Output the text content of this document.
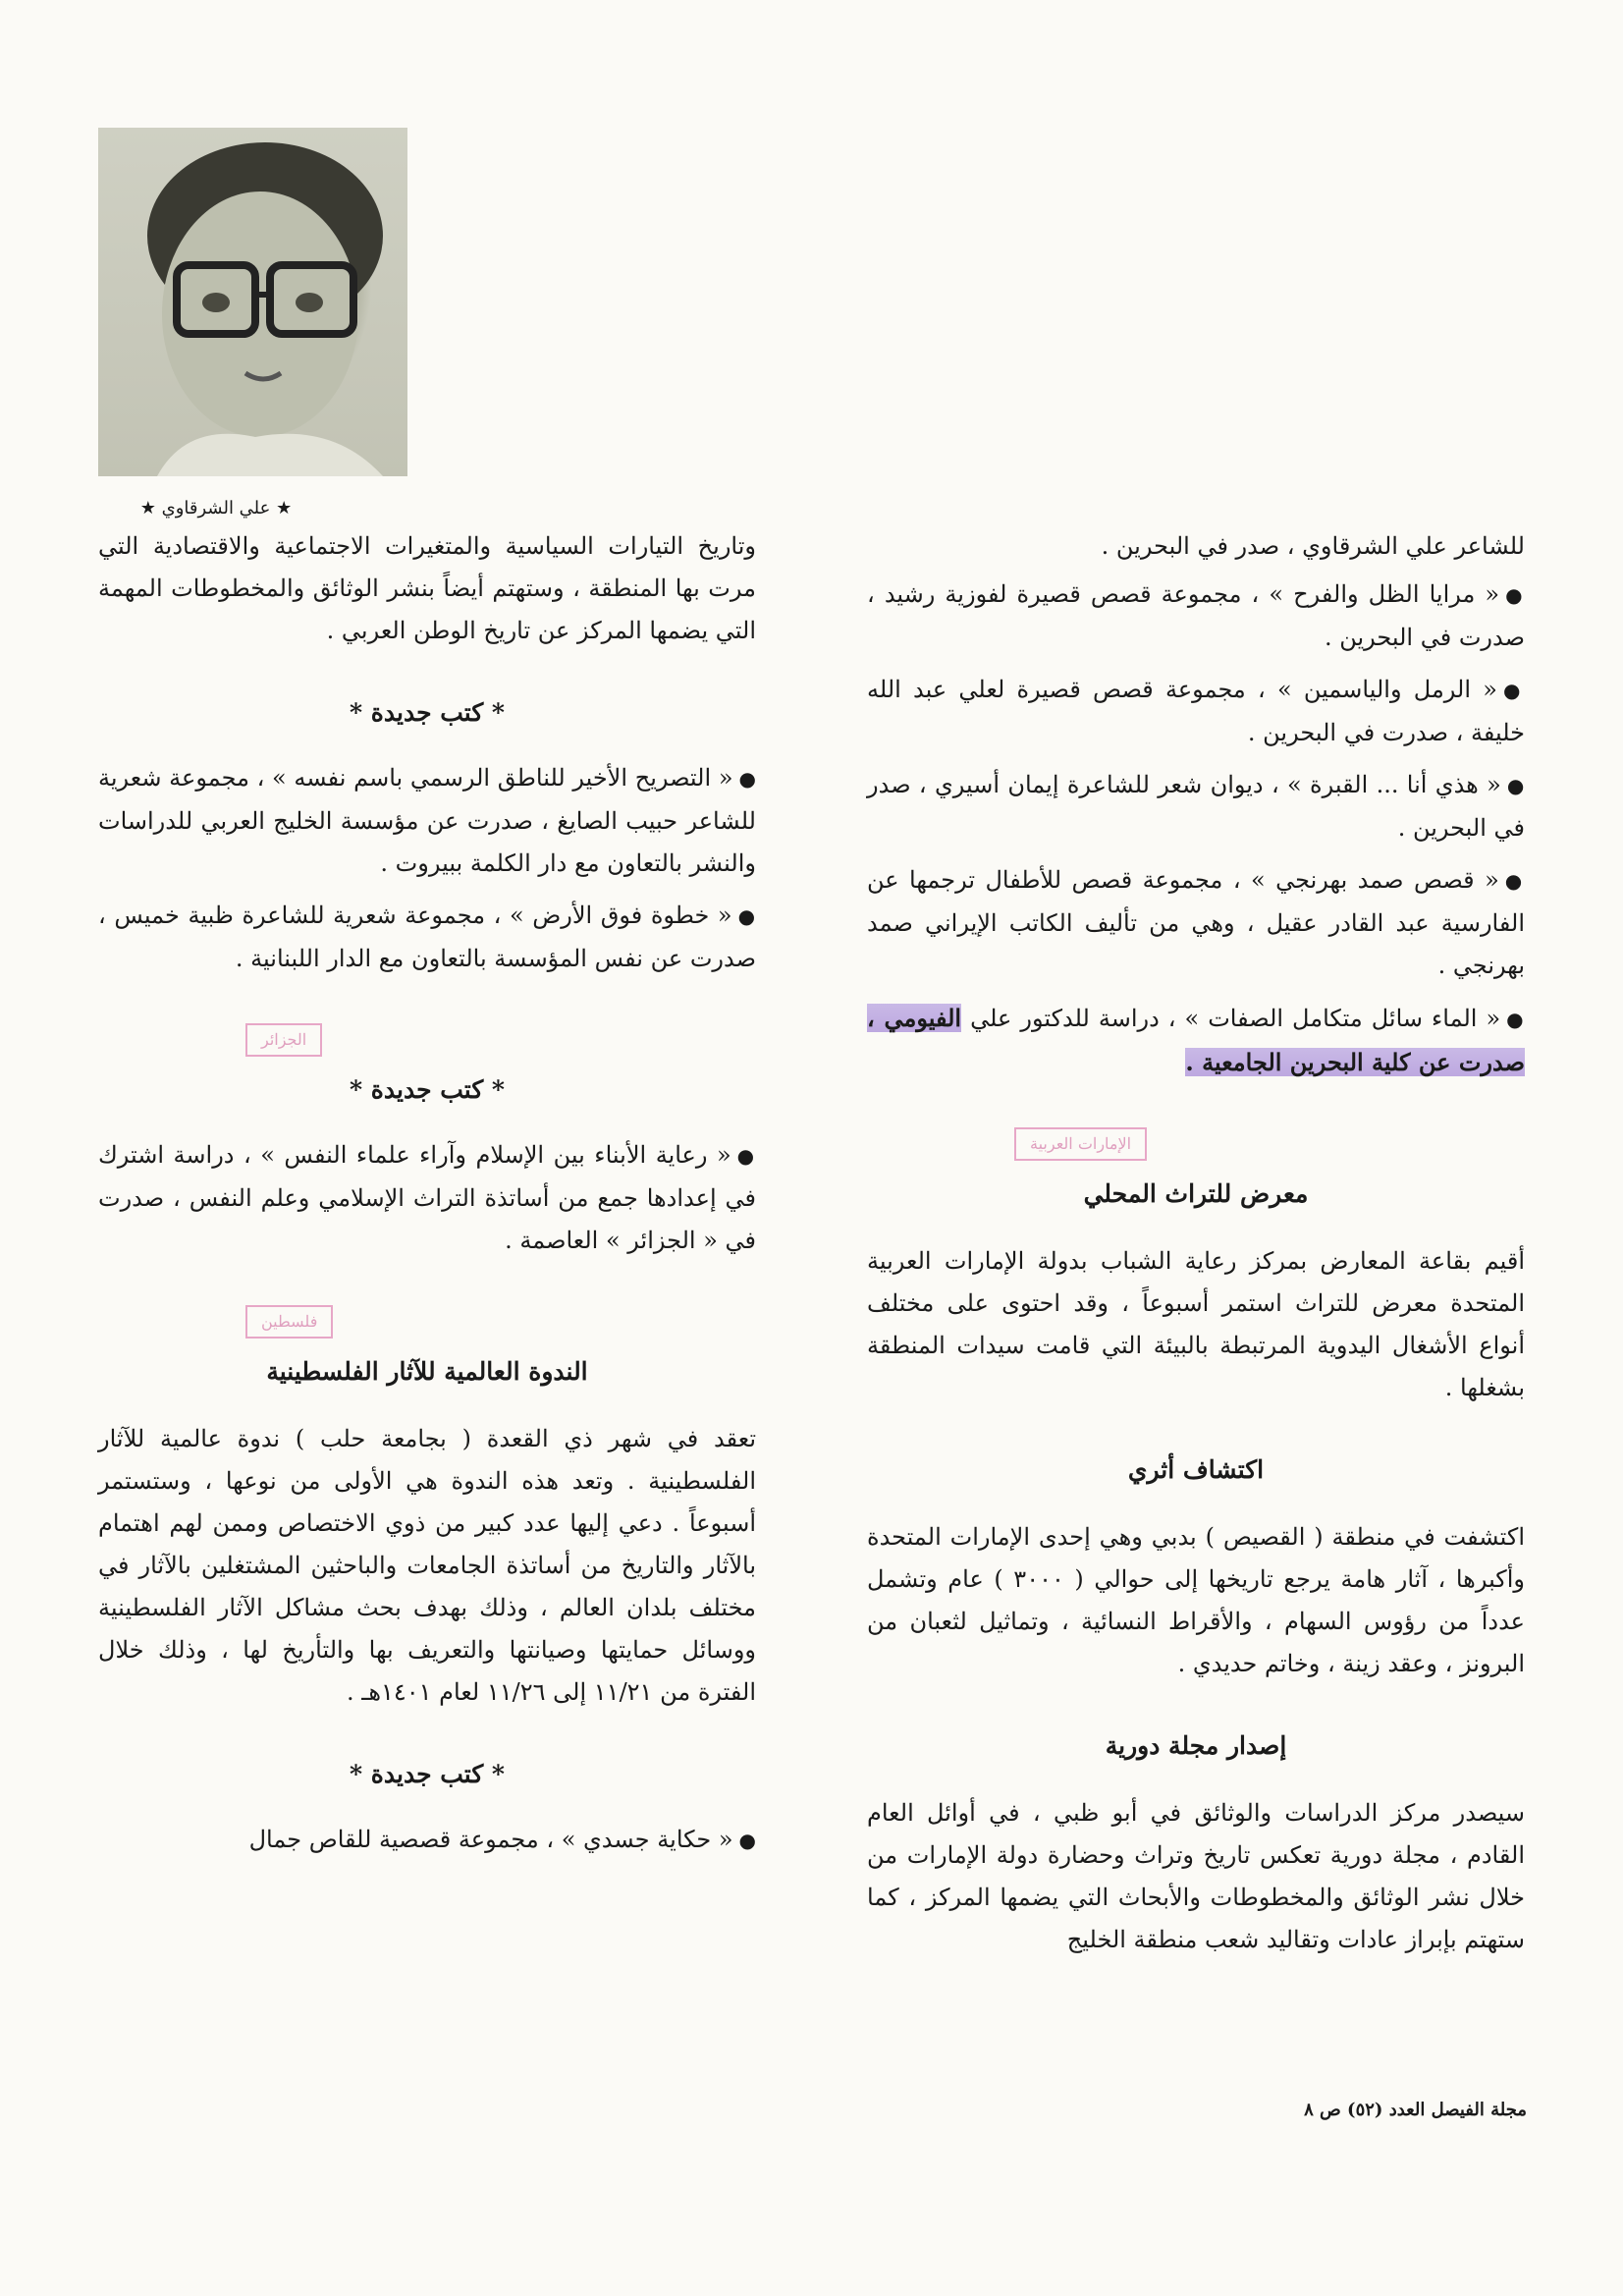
★ علي الشرقاوي ★

للشاعر علي الشرقاوي ، صدر في البحرين .

●« مرايا الظل والفرح » ، مجموعة قصص قصيرة لفوزية رشيد ، صدرت في البحرين .

●« الرمل والياسمين » ، مجموعة قصص قصيرة لعلي عبد الله خليفة ، صدرت في البحرين .

●« هذي أنا ... القبرة » ، ديوان شعر للشاعرة إيمان أسيري ، صدر في البحرين .

●« قصص صمد بهرنجي » ، مجموعة قصص للأطفال ترجمها عن الفارسية عبد القادر عقيل ، وهي من تأليف الكاتب الإيراني صمد بهرنجي .

●« الماء سائل متكامل الصفات » ، دراسة للدكتور علي الفيومي ، صدرت عن كلية البحرين الجامعية .

الإمارات العربية
معرض للتراث المحلي

أقيم بقاعة المعارض بمركز رعاية الشباب بدولة الإمارات العربية المتحدة معرض للتراث استمر أسبوعاً ، وقد احتوى على مختلف أنواع الأشغال اليدوية المرتبطة بالبيئة التي قامت سيدات المنطقة بشغلها .

اكتشاف أثري

اكتشفت في منطقة ( القصيص ) بدبي وهي إحدى الإمارات المتحدة وأكبرها ، آثار هامة يرجع تاريخها إلى حوالي ( ٣٠٠٠ ) عام وتشمل عدداً من رؤوس السهام ، والأقراط النسائية ، وتماثيل لثعبان من البرونز ، وعقد زينة ، وخاتم حديدي .

إصدار مجلة دورية

سيصدر مركز الدراسات والوثائق في أبو ظبي ، في أوائل العام القادم ، مجلة دورية تعكس تاريخ وتراث وحضارة دولة الإمارات من خلال نشر الوثائق والمخطوطات والأبحاث التي يضمها المركز ، كما ستهتم بإبراز عادات وتقاليد شعب منطقة الخليج

وتاريخ التيارات السياسية والمتغيرات الاجتماعية والاقتصادية التي مرت بها المنطقة ، وستهتم أيضاً بنشر الوثائق والمخطوطات المهمة التي يضمها المركز عن تاريخ الوطن العربي .

* كتب جديدة *

●« التصريح الأخير للناطق الرسمي باسم نفسه » ، مجموعة شعرية للشاعر حبيب الصايغ ، صدرت عن مؤسسة الخليج العربي للدراسات والنشر بالتعاون مع دار الكلمة ببيروت .

●« خطوة فوق الأرض » ، مجموعة شعرية للشاعرة ظبية خميس ، صدرت عن نفس المؤسسة بالتعاون مع الدار اللبنانية .

الجزائر
* كتب جديدة *

●« رعاية الأبناء بين الإسلام وآراء علماء النفس » ، دراسة اشترك في إعدادها جمع من أساتذة التراث الإسلامي وعلم النفس ، صدرت في « الجزائر » العاصمة .

فلسطين
الندوة العالمية للآثار الفلسطينية

تعقد في شهر ذي القعدة ( بجامعة حلب ) ندوة عالمية للآثار الفلسطينية . وتعد هذه الندوة هي الأولى من نوعها ، وستستمر أسبوعاً . دعي إليها عدد كبير من ذوي الاختصاص وممن لهم اهتمام بالآثار والتاريخ من أساتذة الجامعات والباحثين المشتغلين بالآثار في مختلف بلدان العالم ، وذلك بهدف بحث مشاكل الآثار الفلسطينية ووسائل حمايتها وصيانتها والتعريف بها والتأريخ لها ، وذلك خلال الفترة من ١١/٢١ إلى ١١/٢٦ لعام ١٤٠١هـ .

* كتب جديدة *

●« حكاية جسدي » ، مجموعة قصصية للقاص جمال

مجلة الفيصل العدد (٥٢) ص ٨
